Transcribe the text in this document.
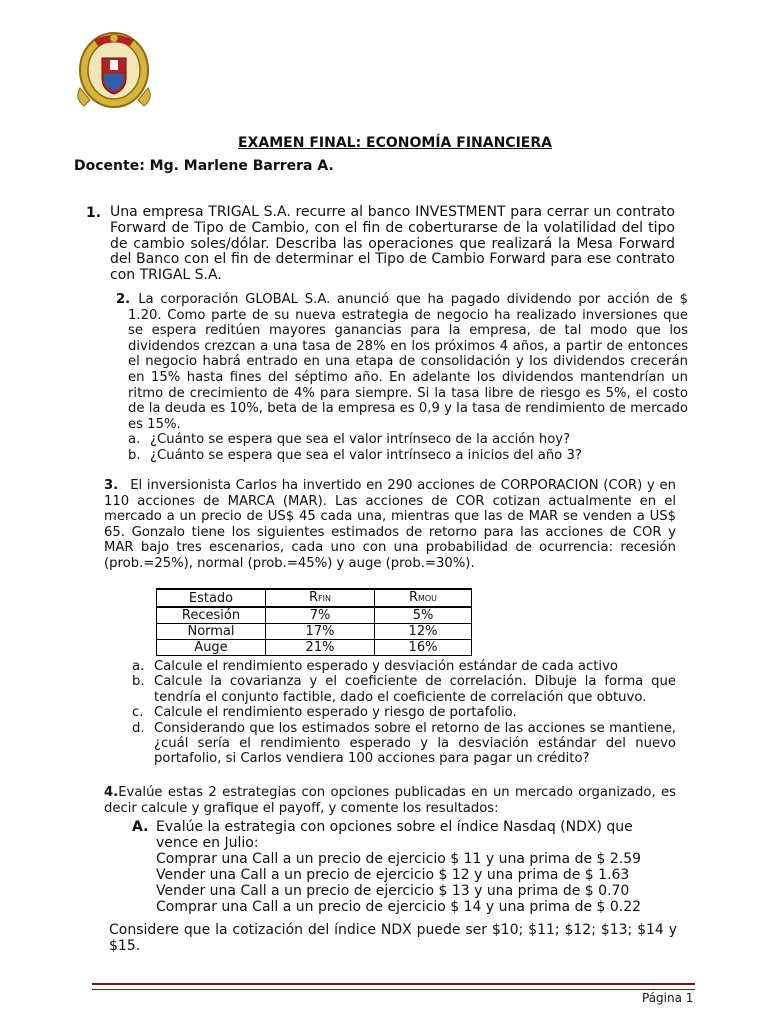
EXAMEN FINAL: ECONOMÍA FINANCIERA
Docente: Mg. Marlene Barrera A.
1. Una empresa TRIGAL S.A. recurre al banco INVESTMENT para cerrar un contrato Forward de Tipo de Cambio, con el fin de coberturarse de la volatilidad del tipo de cambio soles/dólar. Describa las operaciones que realizará la Mesa Forward del Banco con el fin de determinar el Tipo de Cambio Forward para ese contrato con TRIGAL S.A.
2. La corporación GLOBAL S.A. anunció que ha pagado dividendo por acción de $ 1.20. Como parte de su nueva estrategia de negocio ha realizado inversiones que se espera reditúen mayores ganancias para la empresa, de tal modo que los dividendos crezcan a una tasa de 28% en los próximos 4 años, a partir de entonces el negocio habrá entrado en una etapa de consolidación y los dividendos crecerán en 15% hasta fines del séptimo año. En adelante los dividendos mantendrían un ritmo de crecimiento de 4% para siempre. Si la tasa libre de riesgo es 5%, el costo de la deuda es 10%, beta de la empresa es 0,9 y la tasa de rendimiento de mercado es 15%.
a. ¿Cuánto se espera que sea el valor intrínseco de la acción hoy?
b. ¿Cuánto se espera que sea el valor intrínseco a inicios del año 3?
3. El inversionista Carlos ha invertido en 290 acciones de CORPORACION (COR) y en 110 acciones de MARCA (MAR). Las acciones de COR cotizan actualmente en el mercado a un precio de US$ 45 cada una, mientras que las de MAR se venden a US$ 65. Gonzalo tiene los siguientes estimados de retorno para las acciones de COR y MAR bajo tres escenarios, cada uno con una probabilidad de ocurrencia: recesión (prob.=25%), normal (prob.=45%) y auge (prob.=30%).
Estado	RFIN	RMOU
Recesión	7%	5%
Normal	17%	12%
Auge	21%	16%
a. Calcule el rendimiento esperado y desviación estándar de cada activo
b. Calcule la covarianza y el coeficiente de correlación. Dibuje la forma que tendría el conjunto factible, dado el coeficiente de correlación que obtuvo.
c. Calcule el rendimiento esperado y riesgo de portafolio.
d. Considerando que los estimados sobre el retorno de las acciones se mantiene, ¿cuál sería el rendimiento esperado y la desviación estándar del nuevo portafolio, si Carlos vendiera 100 acciones para pagar un crédito?
4.Evalúe estas 2 estrategias con opciones publicadas en un mercado organizado, es decir calcule y grafique el payoff, y comente los resultados:
A. Evalúe la estrategia con opciones sobre el índice Nasdaq (NDX) que vence en Julio:
Comprar una Call a un precio de ejercicio $ 11 y una prima de $ 2.59
Vender una Call a un precio de ejercicio $ 12 y una prima de $ 1.63
Vender una Call a un precio de ejercicio $ 13 y una prima de $ 0.70
Comprar una Call a un precio de ejercicio $ 14 y una prima de $ 0.22
Considere que la cotización del índice NDX puede ser $10; $11; $12; $13; $14 y $15.
Página 1
